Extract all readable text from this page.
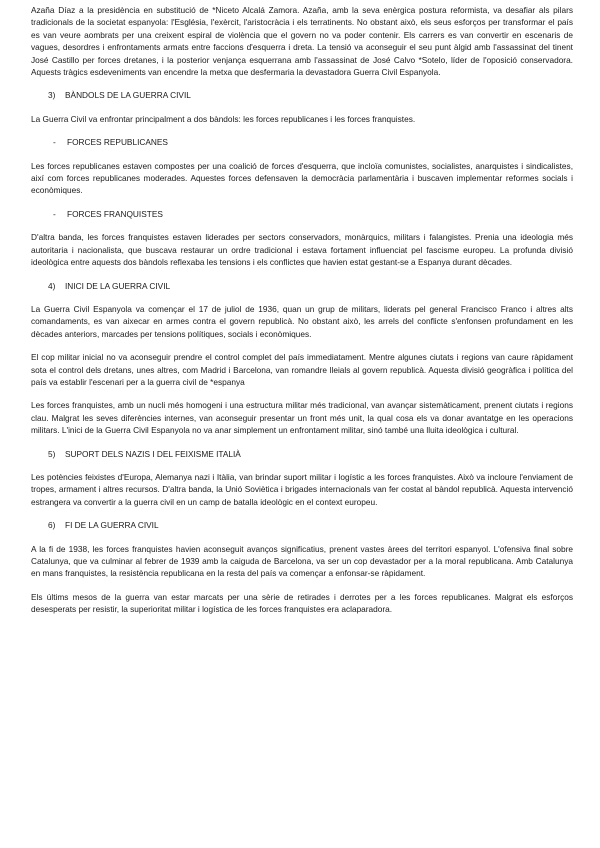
Azaña Díaz a la presidència en substitució de *Niceto Alcalá Zamora. Azaña, amb la seva enèrgica postura reformista, va desafiar als pilars tradicionals de la societat espanyola: l'Església, l'exèrcit, l'aristocràcia i els terratinents. No obstant això, els seus esforços per transformar el país es van veure aombrats per una creixent espiral de violència que el govern no va poder contenir. Els carrers es van convertir en escenaris de vagues, desordres i enfrontaments armats entre faccions d'esquerra i dreta. La tensió va aconseguir el seu punt àlgid amb l'assassinat del tinent José Castillo per forces dretanes, i la posterior venjança esquerrana amb l'assassinat de José Calvo *Sotelo, líder de l'oposició conservadora. Aquests tràgics esdeveniments van encendre la metxa que desfermaria la devastadora Guerra Civil Espanyola.

3)	BÀNDOLS DE LA GUERRA CIVIL

La Guerra Civil va enfrontar principalment a dos bàndols: les forces republicanes i les forces franquistes.

-	FORCES REPUBLICANES

Les forces republicanes estaven compostes per una coalició de forces d'esquerra, que incloïa comunistes, socialistes, anarquistes i sindicalistes, així com forces republicanes moderades. Aquestes forces defensaven la democràcia parlamentària i buscaven implementar reformes socials i econòmiques.

-	FORCES FRANQUISTES

D'altra banda, les forces franquistes estaven liderades per sectors conservadors, monàrquics, militars i falangistes. Prenia una ideologia més autoritaria i nacionalista, que buscava restaurar un ordre tradicional i estava fortament influenciat pel fascisme europeu. La profunda divisió ideològica entre aquests dos bàndols reflexaba les tensions i els conflictes que havien estat gestant-se a Espanya durant dècades.

4)	INICI DE LA GUERRA CIVIL

La Guerra Civil Espanyola va començar el 17 de juliol de 1936, quan un grup de militars, liderats pel general Francisco Franco i altres alts comandaments, es van aixecar en armes contra el govern republicà. No obstant això, les arrels del conflicte s'enfonsen profundament en les dècades anteriors, marcades per tensions polítiques, socials i econòmiques.

El cop militar inicial no va aconseguir prendre el control complet del país immediatament. Mentre algunes ciutats i regions van caure ràpidament sota el control dels dretans, unes altres, com Madrid i Barcelona, van romandre lleials al govern republicà. Aquesta divisió geogràfica i política del país va establir l'escenari per a la guerra civil de *espanya

Les forces franquistes, amb un nucli més homogeni i una estructura militar més tradicional, van avançar sistemàticament, prenent ciutats i regions clau. Malgrat les seves diferències internes, van aconseguir presentar un front més unit, la qual cosa els va donar avantatge en les operacions militars. L'inici de la Guerra Civil Espanyola no va anar simplement un enfrontament militar, sinó també una lluita ideològica i cultural.

5)	SUPORT DELS NAZIS I DEL FEIXISME ITALIÀ

Les potències feixistes d'Europa, Alemanya nazi i Itàlia, van brindar suport militar i logístic a les forces franquistes. Això va incloure l'enviament de tropes, armament i altres recursos. D'altra banda, la Unió Soviètica i brigades internacionals van fer costat al bàndol republicà. Aquesta intervenció estrangera va convertir a la guerra civil en un camp de batalla ideològic en el context europeu.

6)	FI DE LA GUERRA CIVIL

A la fi de 1938, les forces franquistes havien aconseguit avanços significatius, prenent vastes àrees del territori espanyol. L'ofensiva final sobre Catalunya, que va culminar al febrer de 1939 amb la caiguda de Barcelona, va ser un cop devastador per a la moral republicana. Amb Catalunya en mans franquistes, la resistència republicana en la resta del país va començar a enfonsar-se ràpidament.

Els últims mesos de la guerra van estar marcats per una sèrie de retirades i derrotes per a les forces republicanes. Malgrat els esforços desesperats per resistir, la superioritat militar i logística de les forces franquistes era aclaparadora.
